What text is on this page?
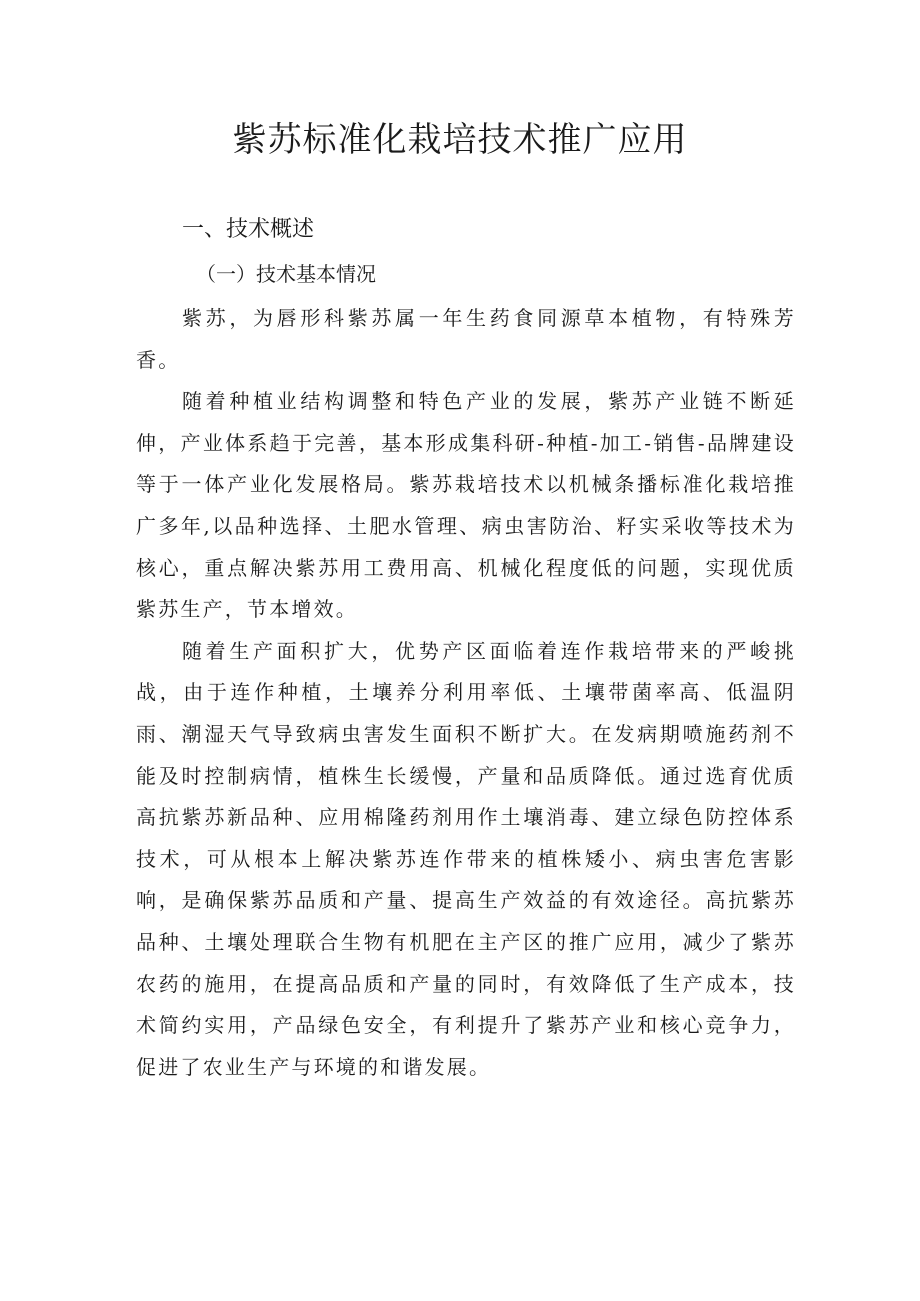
紫苏标准化栽培技术推广应用
一、技术概述
（一）技术基本情况

紫苏，为唇形科紫苏属一年生药食同源草本植物，有特殊芳香。

随着种植业结构调整和特色产业的发展，紫苏产业链不断延伸，产业体系趋于完善，基本形成集科研-种植-加工-销售-品牌建设等于一体产业化发展格局。紫苏栽培技术以机械条播标准化栽培推广多年,以品种选择、土肥水管理、病虫害防治、籽实采收等技术为核心，重点解决紫苏用工费用高、机械化程度低的问题，实现优质紫苏生产，节本增效。

随着生产面积扩大，优势产区面临着连作栽培带来的严峻挑战，由于连作种植，土壤养分利用率低、土壤带菌率高、低温阴雨、潮湿天气导致病虫害发生面积不断扩大。在发病期喷施药剂不能及时控制病情，植株生长缓慢，产量和品质降低。通过选育优质高抗紫苏新品种、应用棉隆药剂用作土壤消毒、建立绿色防控体系技术，可从根本上解决紫苏连作带来的植株矮小、病虫害危害影响，是确保紫苏品质和产量、提高生产效益的有效途径。高抗紫苏品种、土壤处理联合生物有机肥在主产区的推广应用，减少了紫苏农药的施用，在提高品质和产量的同时，有效降低了生产成本，技术简约实用，产品绿色安全，有利提升了紫苏产业和核心竞争力，促进了农业生产与环境的和谐发展。
